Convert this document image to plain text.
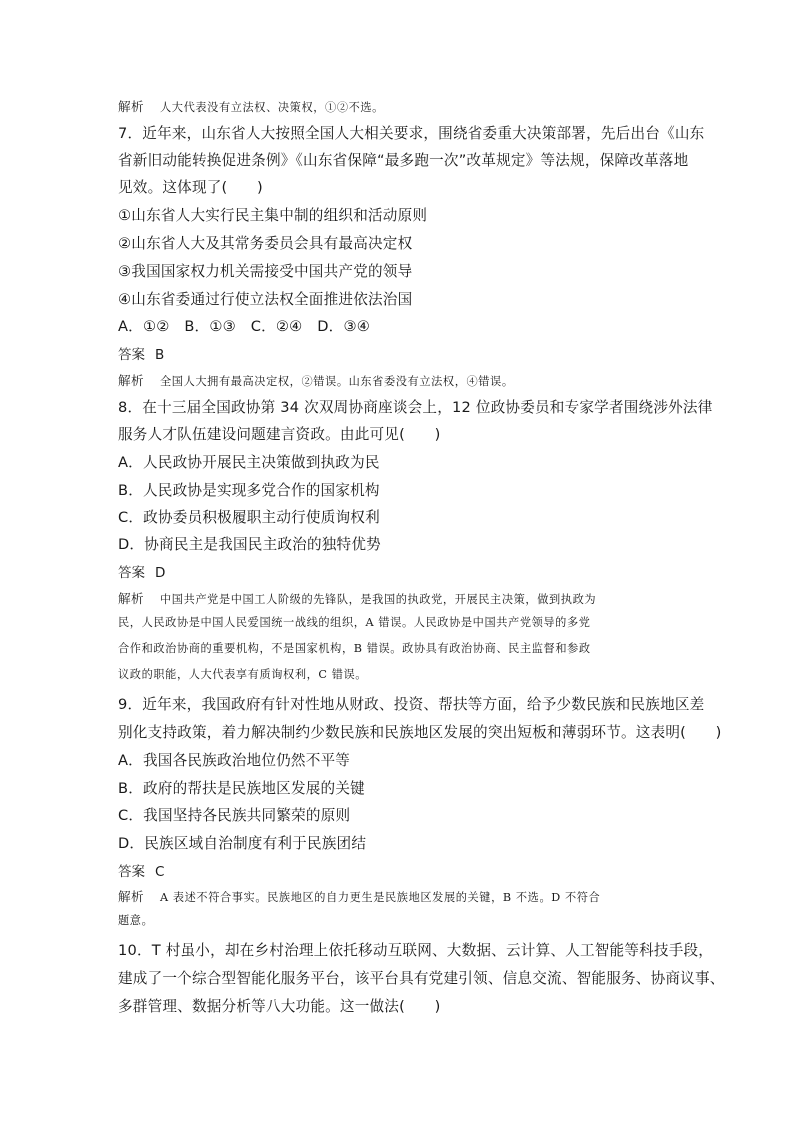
解析 人大代表没有立法权、决策权，①②不选。
7．近年来，山东省人大按照全国人大相关要求，围绕省委重大决策部署，先后出台《山东
省新旧动能转换促进条例》《山东省保障“最多跑一次”改革规定》等法规，保障改革落地
见效。这体现了(　　)
①山东省人大实行民主集中制的组织和活动原则
②山东省人大及其常务委员会具有最高决定权
③我国国家权力机关需接受中国共产党的领导
④山东省委通过行使立法权全面推进依法治国
A．①②　B．①③　C．②④　D．③④
答案 B
解析 全国人大拥有最高决定权，②错误。山东省委没有立法权，④错误。
8．在十三届全国政协第 34 次双周协商座谈会上，12 位政协委员和专家学者围绕涉外法律
服务人才队伍建设问题建言资政。由此可见(　　)
A．人民政协开展民主决策做到执政为民
B．人民政协是实现多党合作的国家机构
C．政协委员积极履职主动行使质询权利
D．协商民主是我国民主政治的独特优势
答案 D
解析 中国共产党是中国工人阶级的先锋队，是我国的执政党，开展民主决策，做到执政为
民，人民政协是中国人民爱国统一战线的组织，A 错误。人民政协是中国共产党领导的多党
合作和政治协商的重要机构，不是国家机构，B 错误。政协具有政治协商、民主监督和参政
议政的职能，人大代表享有质询权利，C 错误。
9．近年来，我国政府有针对性地从财政、投资、帮扶等方面，给予少数民族和民族地区差
别化支持政策，着力解决制约少数民族和民族地区发展的突出短板和薄弱环节。这表明(　　)
A．我国各民族政治地位仍然不平等
B．政府的帮扶是民族地区发展的关键
C．我国坚持各民族共同繁荣的原则
D．民族区域自治制度有利于民族团结
答案 C
解析 A 表述不符合事实。民族地区的自力更生是民族地区发展的关键，B 不选。D 不符合
题意。
10．T 村虽小，却在乡村治理上依托移动互联网、大数据、云计算、人工智能等科技手段，
建成了一个综合型智能化服务平台，该平台具有党建引领、信息交流、智能服务、协商议事、
多群管理、数据分析等八大功能。这一做法(　　)
